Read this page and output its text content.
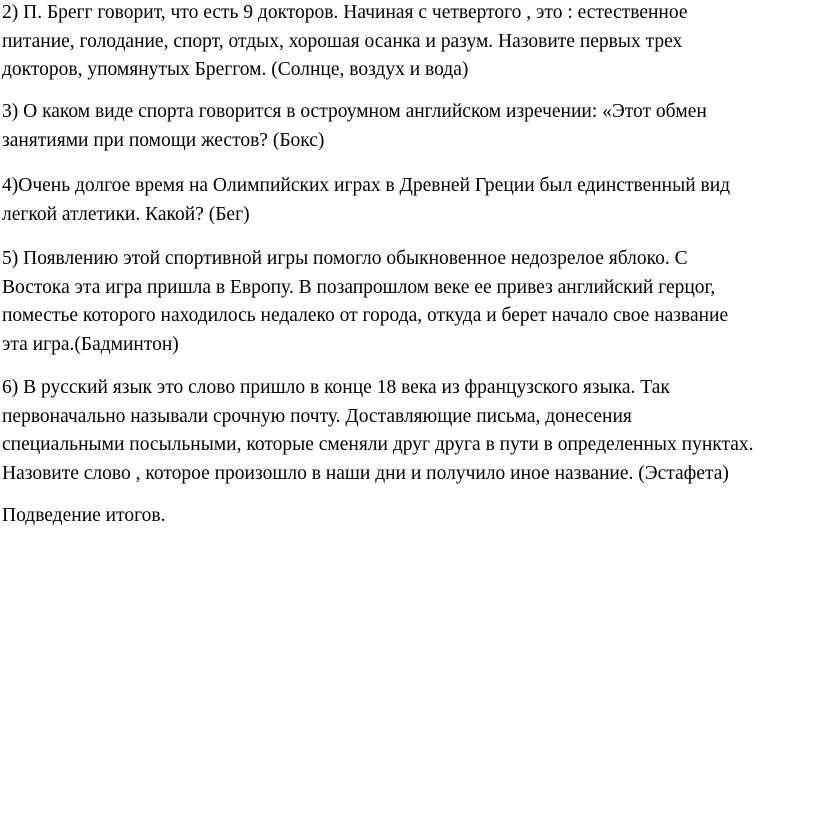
2) П. Брегг говорит, что есть 9 докторов. Начиная с четвертого , это : естественное
питание, голодание, спорт, отдых, хорошая осанка и разум. Назовите первых трех
докторов, упомянутых Бреггом. (Солнце, воздух и вода)
3) О каком виде спорта говорится в остроумном английском изречении: «Этот обмен
занятиями при помощи жестов? (Бокс)
4)Очень долгое время на Олимпийских играх в Древней Греции был единственный вид
легкой атлетики. Какой? (Бег)
5) Появлению этой спортивной игры помогло обыкновенное недозрелое яблоко. С
Востока эта игра пришла в Европу. В позапрошлом веке ее привез английский герцог,
поместье которого находилось недалеко от города, откуда и берет начало свое название
эта игра.(Бадминтон)
6) В русский язык это слово пришло в конце 18 века из французского языка. Так
первоначально называли срочную почту. Доставляющие письма, донесения
специальными посыльными, которые сменяли друг друга в пути в определенных пунктах.
Назовите слово , которое произошло в наши дни и получило иное название. (Эстафета)
Подведение итогов.
